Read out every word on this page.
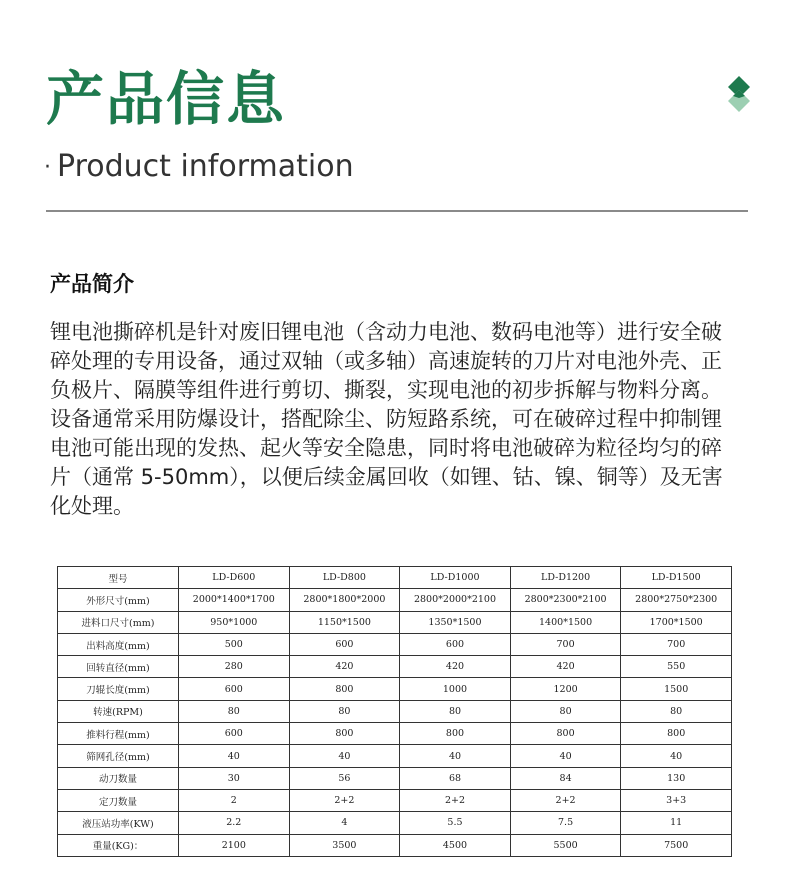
产品信息
· Product information
产品简介

锂电池撕碎机是针对废旧锂电池（含动力电池、数码电池等）进行安全破碎处理的专用设备，通过双轴（或多轴）高速旋转的刀片对电池外壳、正负极片、隔膜等组件进行剪切、撕裂，实现电池的初步拆解与物料分离。设备通常采用防爆设计，搭配除尘、防短路系统，可在破碎过程中抑制锂电池可能出现的发热、起火等安全隐患，同时将电池破碎为粒径均匀的碎片（通常 5-50mm），以便后续金属回收（如锂、钴、镍、铜等）及无害化处理。

型号	LD-D600	LD-D800	LD-D1000	LD-D1200	LD-D1500
外形尺寸(mm)	2000*1400*1700	2800*1800*2000	2800*2000*2100	2800*2300*2100	2800*2750*2300
进料口尺寸(mm)	950*1000	1150*1500	1350*1500	1400*1500	1700*1500
出料高度(mm)	500	600	600	700	700
回转直径(mm)	280	420	420	420	550
刀辊长度(mm)	600	800	1000	1200	1500
转速(RPM)	80	80	80	80	80
推料行程(mm)	600	800	800	800	800
筛网孔径(mm)	40	40	40	40	40
动刀数量	30	56	68	84	130
定刀数量	2	2+2	2+2	2+2	3+3
液压站功率(KW)	2.2	4	5.5	7.5	11
重量(KG)：	2100	3500	4500	5500	7500
